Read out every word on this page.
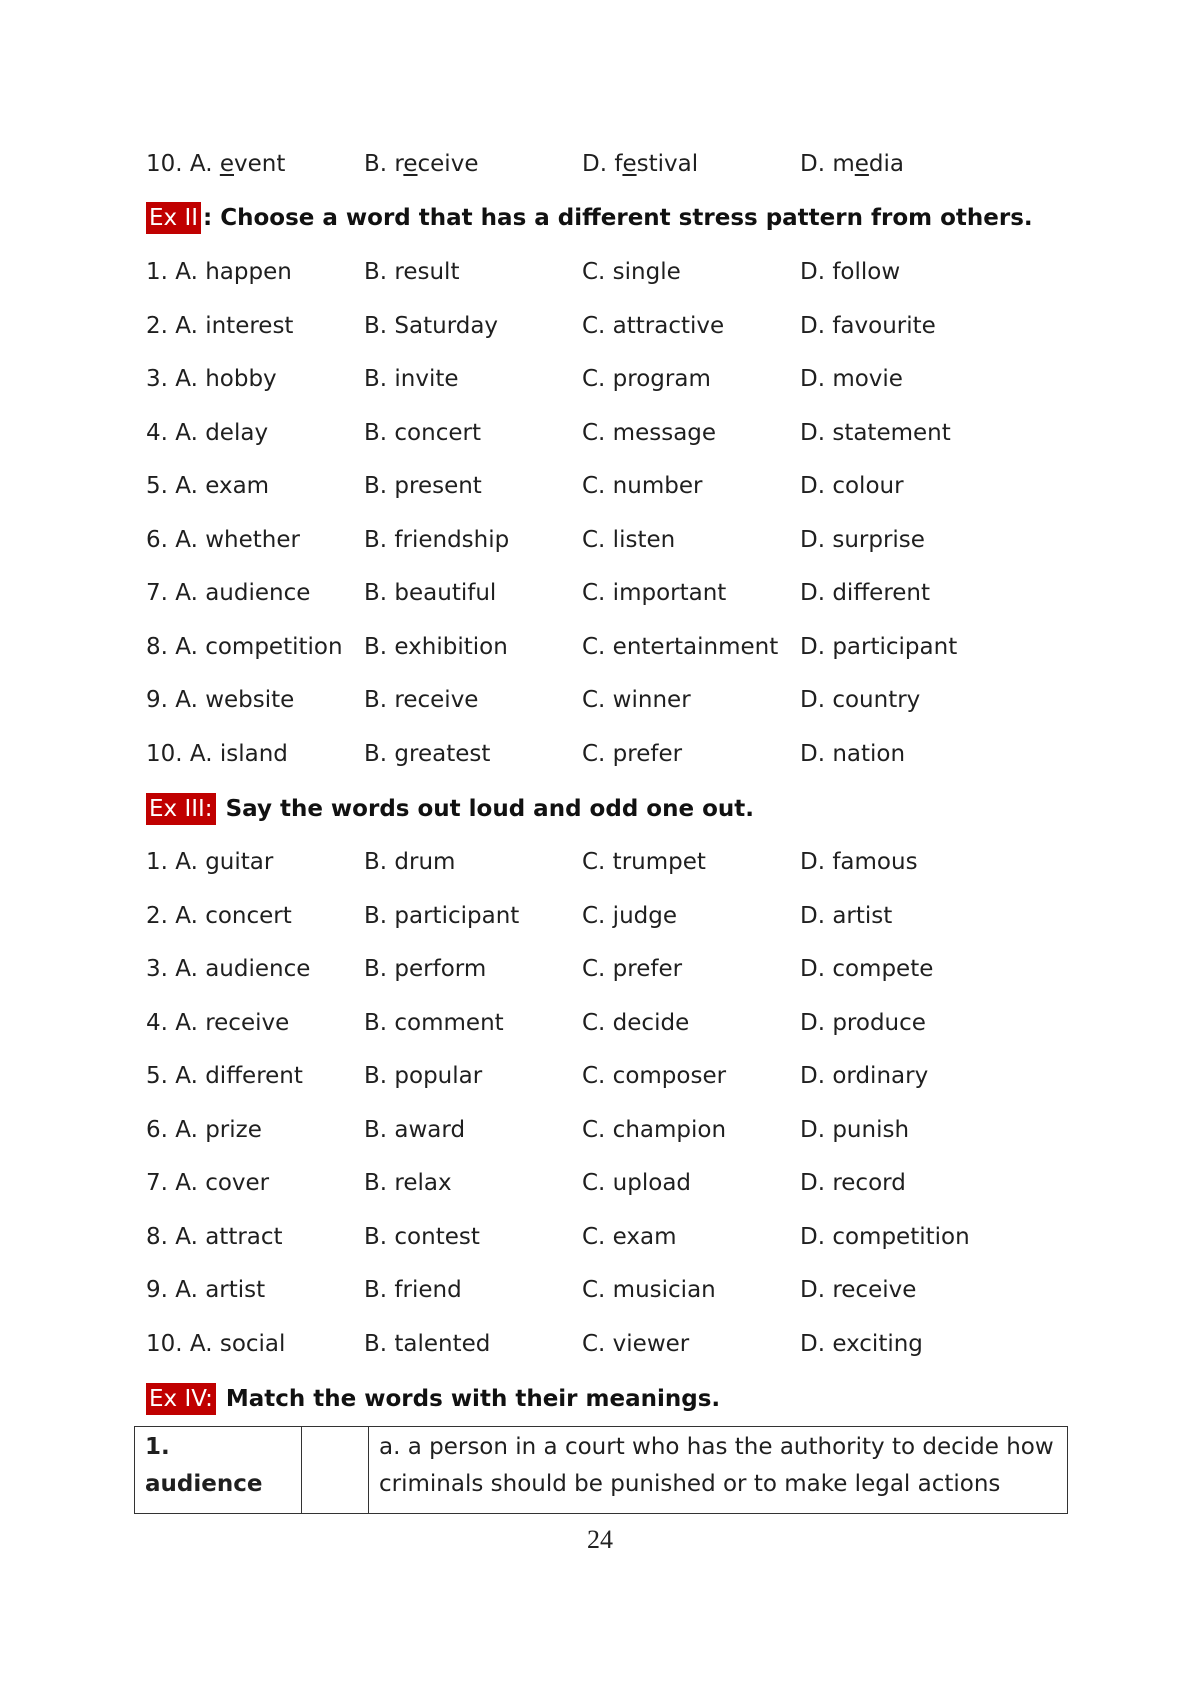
10. A. event	B. receive	D. festival	D. media
Ex II : Choose a word that has a different stress pattern from others.
1. A. happen	B. result	C. single	D. follow
2. A. interest	B. Saturday	C. attractive	D. favourite
3. A. hobby	B. invite	C. program	D. movie
4. A. delay	B. concert	C. message	D. statement
5. A. exam	B. present	C. number	D. colour
6. A. whether	B. friendship	C. listen	D. surprise
7. A. audience B. beautiful	C. important	D. different
8. A. competition B. exhibition	C. entertainment D. participant
9. A. website	B. receive	C. winner	D. country
10. A. island	B. greatest	C. prefer	D. nation
Ex III: Say the words out loud and odd one out.
1. A. guitar	B. drum	C. trumpet	D. famous
2. A. concert	B. participant	C. judge	D. artist
3. A. audience B. perform	C. prefer	D. compete
4. A. receive	B. comment	C. decide	D. produce
5. A. different	B. popular	C. composer	D. ordinary
6. A. prize	B. award	C. champion	D. punish
7. A. cover	B. relax	C. upload	D. record
8. A. attract	B. contest	C. exam	D. competition
9. A. artist	B. friend	C. musician	D. receive
10. A. social	B. talented	C. viewer	D. exciting
Ex IV: Match the words with their meanings.
1. audience		a. a person in a court who has the authority to decide how criminals should be punished or to make legal actions
24
